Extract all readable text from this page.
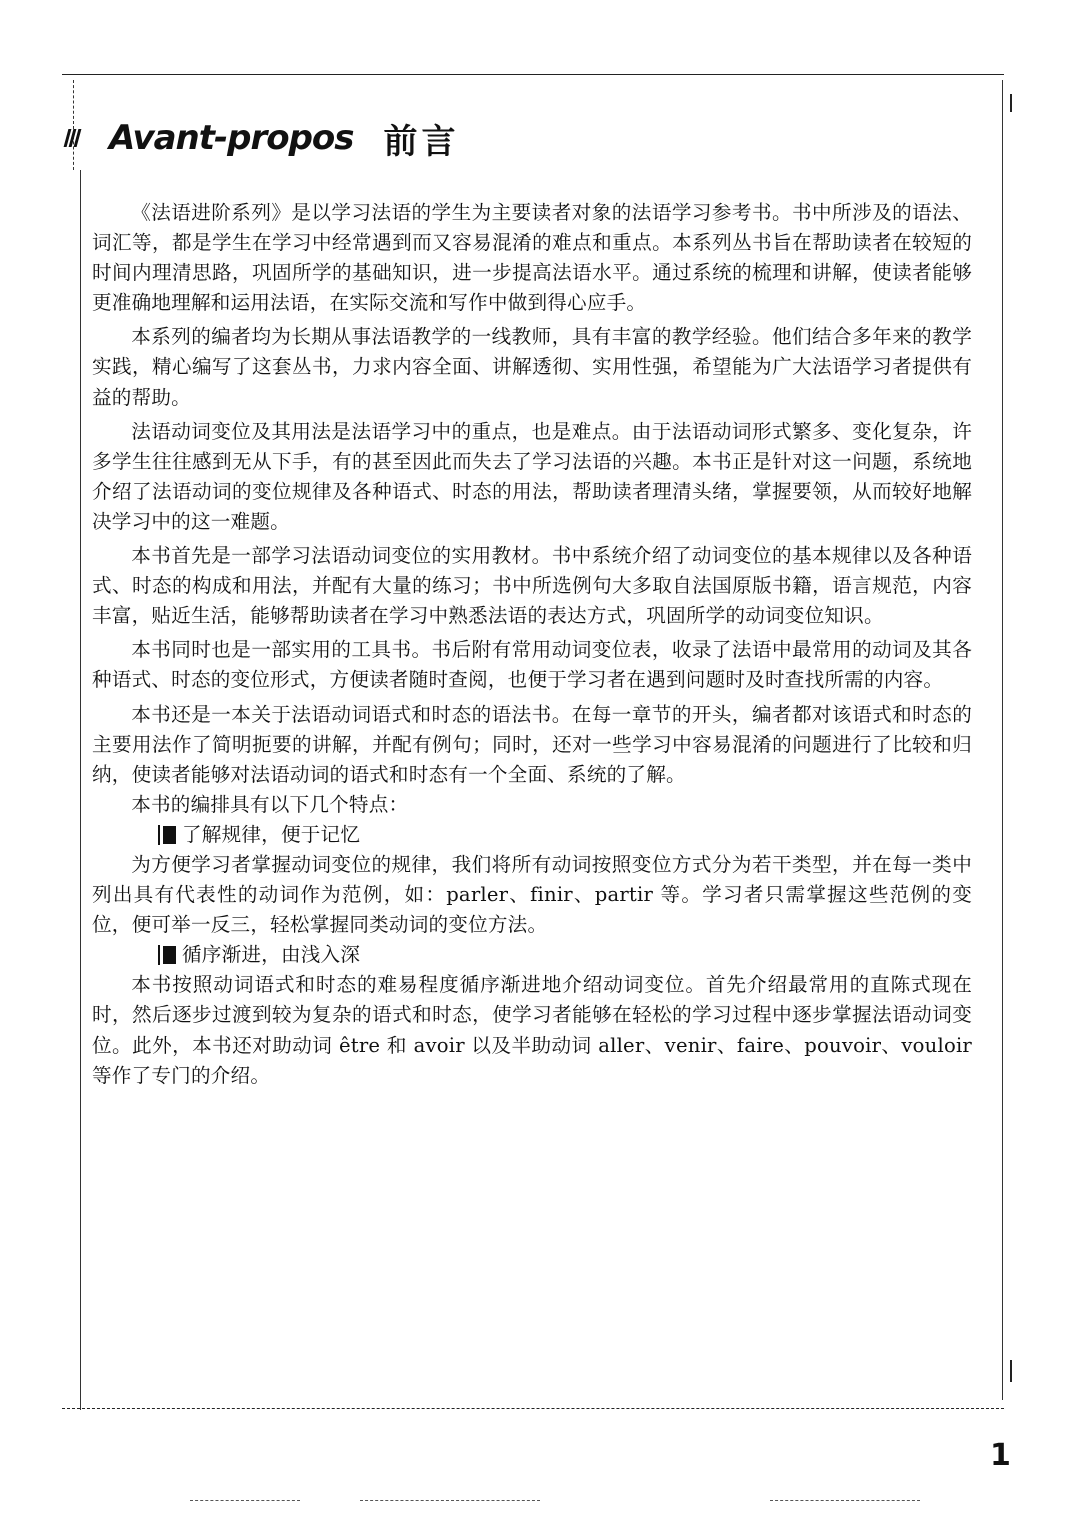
Avant-propos 前言

《法语进阶系列》是以学习法语的学生为主要读者对象的法语学习参考书。书中所涉及的语法、词汇等，都是学生在学习中经常遇到而又容易混淆的难点和重点。本系列丛书旨在帮助读者在较短的时间内理清思路，巩固所学的基础知识，进一步提高法语水平。通过系统的梳理和讲解，使读者能够更准确地理解和运用法语，在实际交流和写作中做到得心应手。

本系列的编者均为长期从事法语教学的一线教师，具有丰富的教学经验。他们结合多年来的教学实践，精心编写了这套丛书，力求内容全面、讲解透彻、实用性强，希望能为广大法语学习者提供有益的帮助。

法语动词变位及其用法是法语学习中的重点，也是难点。由于法语动词形式繁多、变化复杂，许多学生往往感到无从下手，有的甚至因此而失去了学习法语的兴趣。本书正是针对这一问题，系统地介绍了法语动词的变位规律及各种语式、时态的用法，帮助读者理清头绪，掌握要领，从而较好地解决学习中的这一难题。

本书首先是一部学习法语动词变位的实用教材。书中系统介绍了动词变位的基本规律以及各种语式、时态的构成和用法，并配有大量的练习；书中所选例句大多取自法国原版书籍，语言规范，内容丰富，贴近生活，能够帮助读者在学习中熟悉法语的表达方式，巩固所学的动词变位知识。

本书同时也是一部实用的工具书。书后附有常用动词变位表，收录了法语中最常用的动词及其各种语式、时态的变位形式，方便读者随时查阅，也便于学习者在遇到问题时及时查找所需的内容。

本书还是一本关于法语动词语式和时态的语法书。在每一章节的开头，编者都对该语式和时态的主要用法作了简明扼要的讲解，并配有例句；同时，还对一些学习中容易混淆的问题进行了比较和归纳，使读者能够对法语动词的语式和时态有一个全面、系统的了解。

本书的编排具有以下几个特点：

了解规律，便于记忆

为方便学习者掌握动词变位的规律，我们将所有动词按照变位方式分为若干类型，并在每一类中列出具有代表性的动词作为范例，如：parler、finir、partir 等。学习者只需掌握这些范例的变位，便可举一反三，轻松掌握同类动词的变位方法。

循序渐进，由浅入深

本书按照动词语式和时态的难易程度循序渐进地介绍动词变位。首先介绍最常用的直陈式现在时，然后逐步过渡到较为复杂的语式和时态，使学习者能够在轻松的学习过程中逐步掌握法语动词变位。此外，本书还对助动词 être 和 avoir 以及半助动词 aller、venir、faire、pouvoir、vouloir 等作了专门的介绍。

1
